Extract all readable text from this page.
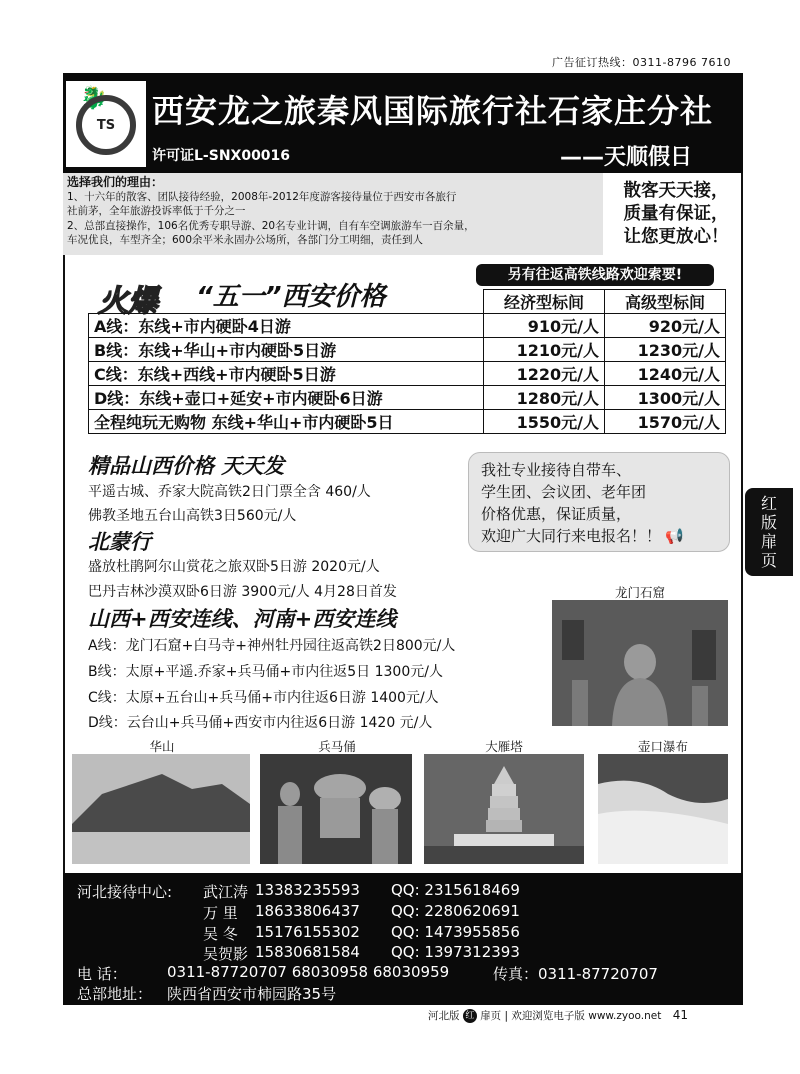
广告征订热线：0311-8796 7610
🐉
TS 西安龙之旅秦风国际旅行社石家庄分社
许可证L-SNX00016	——天顺假日
选择我们的理由：
1、十六年的散客、团队接待经验，2008年-2012年度游客接待量位于西安市各旅行
社前茅，全年旅游投诉率低于千分之一
2、总部直接操作，106名优秀专职导游、20名专业计调，自有车空调旅游车一百余量，
车况优良，车型齐全；600余平米永固办公场所，各部门分工明细，责任到人
散客天天接，
质量有保证，
让您更放心！
火爆 “五一”西安价格
另有往返高铁线路欢迎索要!
	经济型标间	高级型标间
A线：东线+市内硬卧4日游	910元/人	920元/人
B线：东线+华山+市内硬卧5日游	1210元/人	1230元/人
C线：东线+西线+市内硬卧5日游	1220元/人	1240元/人
D线：东线+壶口+延安+市内硬卧6日游	1280元/人	1300元/人
全程纯玩无购物 东线+华山+市内硬卧5日	1550元/人	1570元/人
精品山西价格 天天发
平遥古城、乔家大院高铁2日门票全含 460/人
佛教圣地五台山高铁3日560元/人
北蒙行
盛放杜鹃阿尔山赏花之旅双卧5日游 2020元/人
巴丹吉林沙漠双卧6日游 3900元/人 4月28日首发
山西+西安连线、河南+西安连线
A线：龙门石窟+白马寺+神州牡丹园往返高铁2日800元/人
B线：太原+平遥.乔家+兵马俑+市内往返5日 1300元/人
C线：太原+五台山+兵马俑+市内往返6日游 1400元/人
D线：云台山+兵马俑+西安市内往返6日游 1420 元/人
我社专业接待自带车、
学生团、会议团、老年团
价格优惠，保证质量，
欢迎广大同行来电报名！！ 📢
红
版
扉
页
龙门石窟
华山	兵马俑	大雁塔	壶口瀑布
河北接待中心: 武江涛 13383235593 QQ: 2315618469
万 里 18633806437 QQ: 2280620691
吴 冬 15176155302 QQ: 1473955856
吴贺影 15830681584 QQ: 1397312393
电 话：	0311-87720707 68030958 68030959	传真：0311-87720707
总部地址： 陕西省西安市柿园路35号
河北版 红 扉页 | 欢迎浏览电子版 www.zyoo.net 41
